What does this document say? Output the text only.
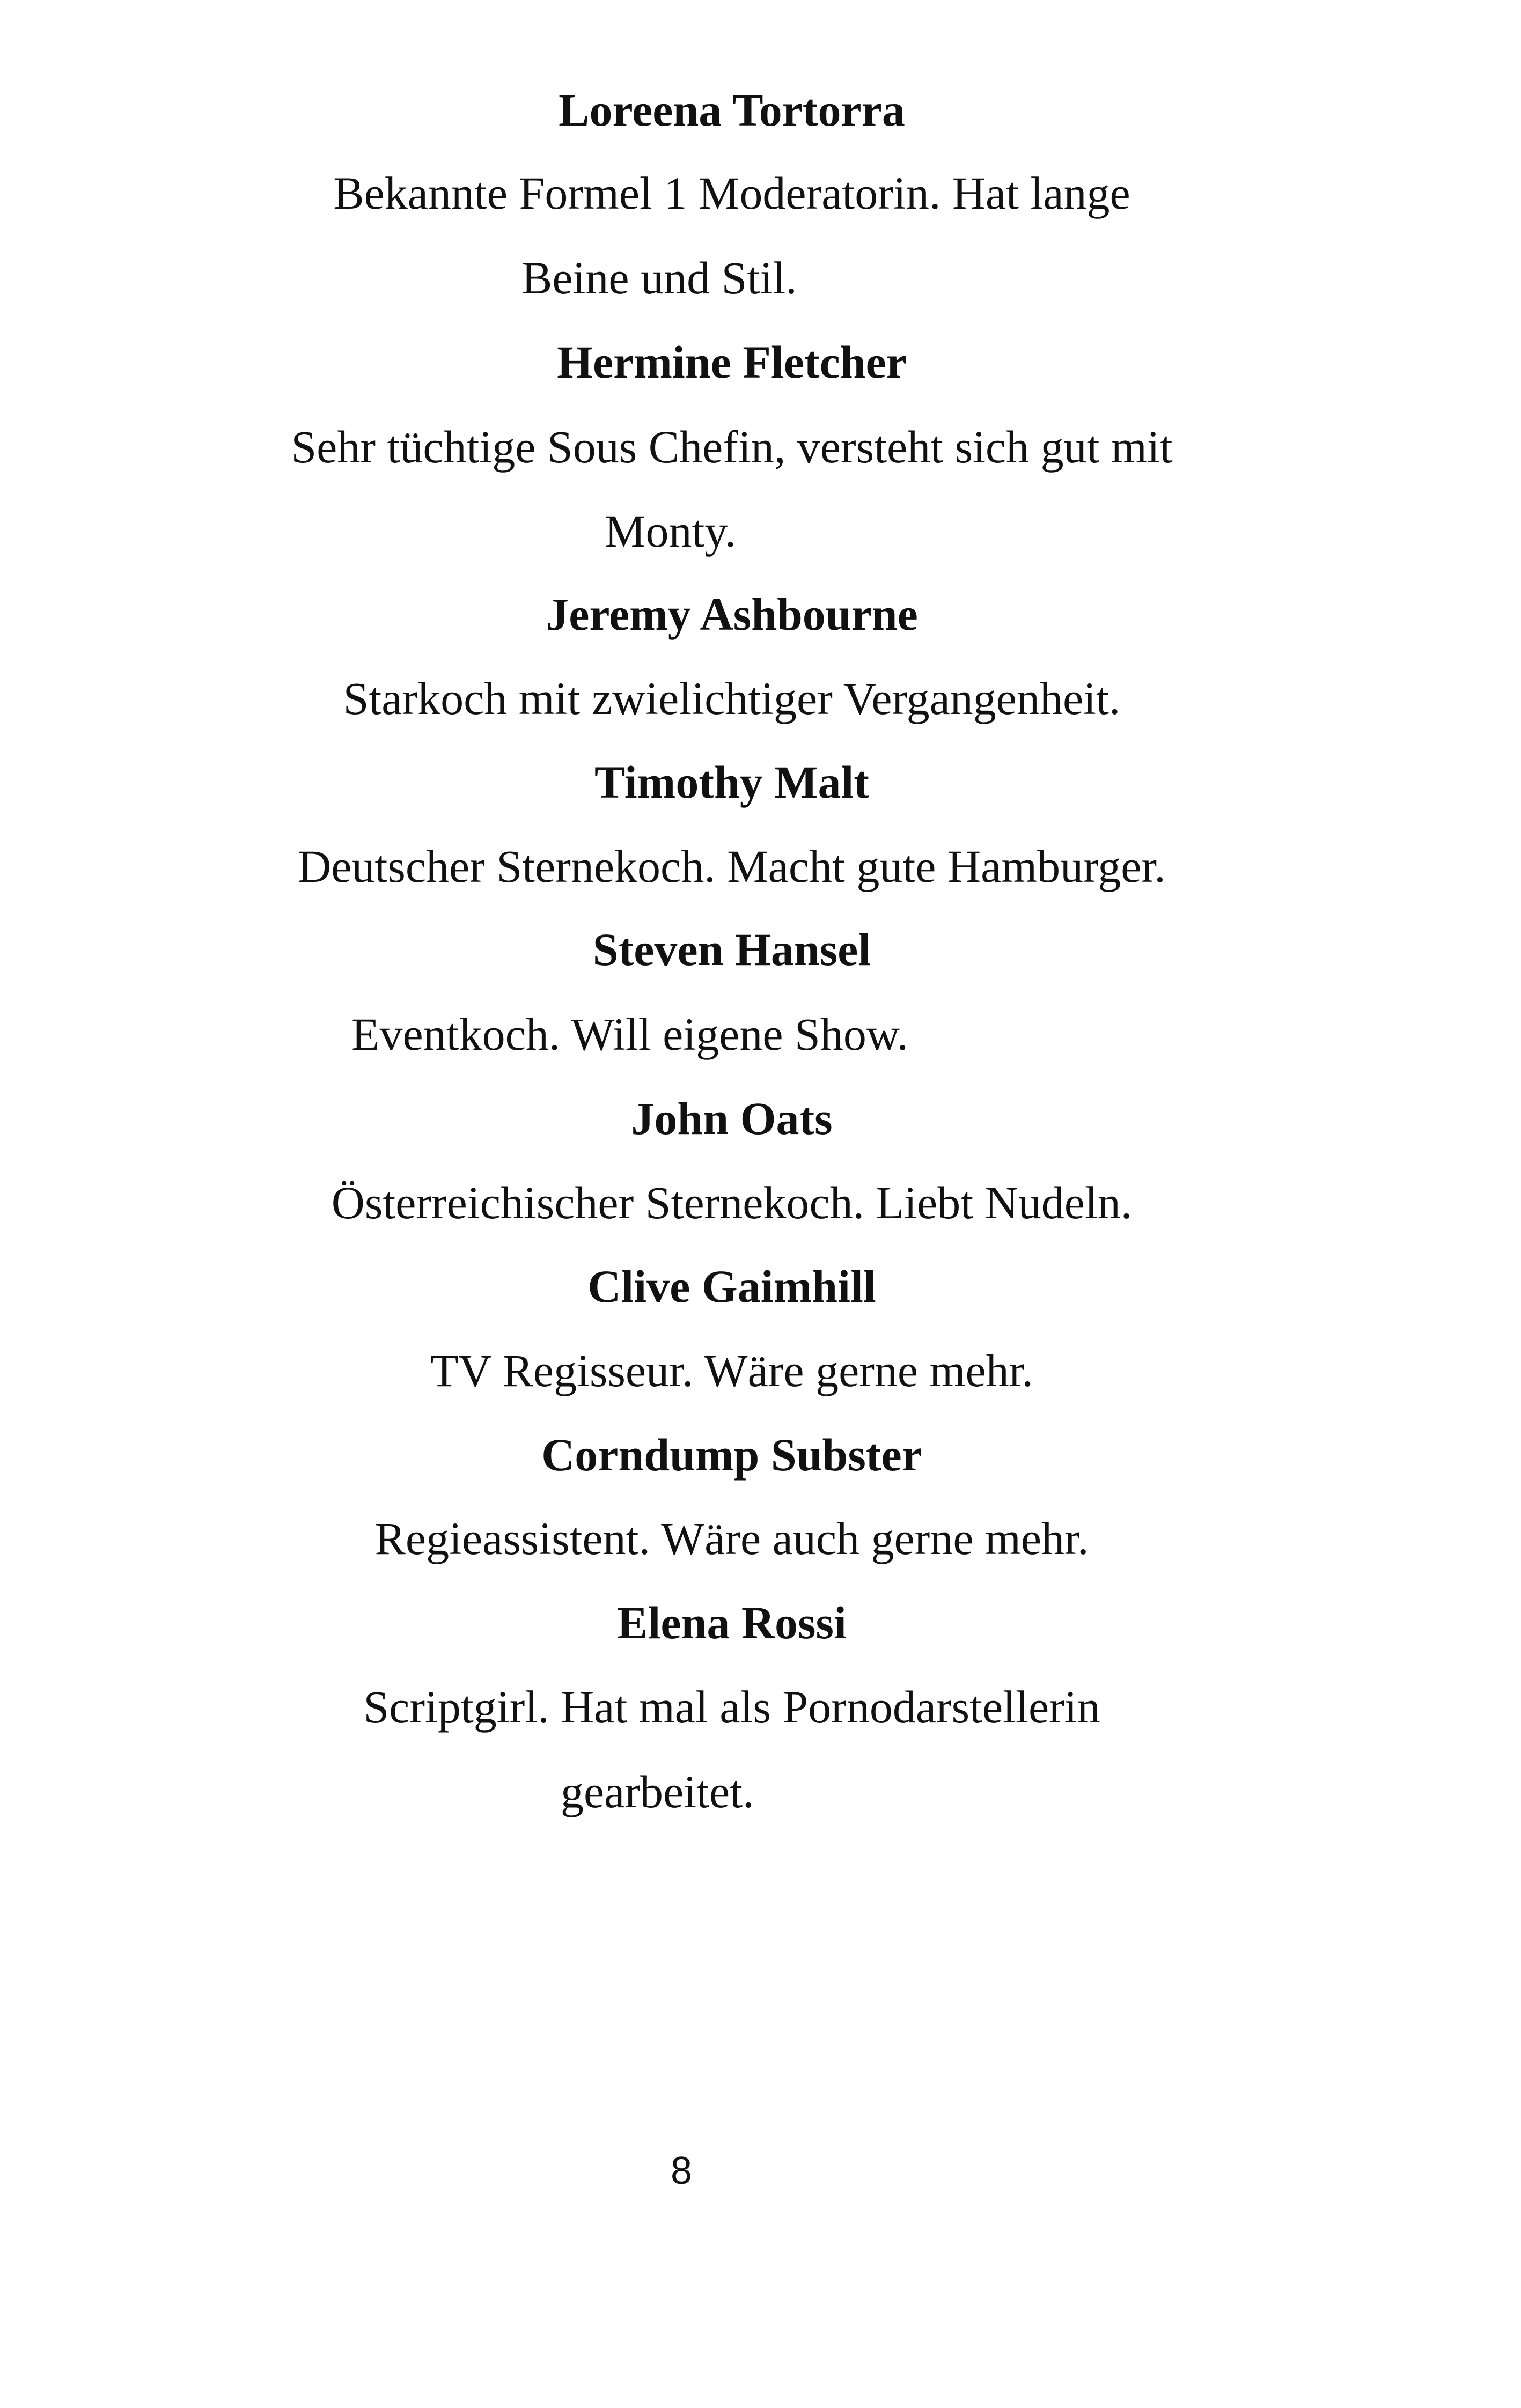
Loreena Tortorra
Bekannte Formel 1 Moderatorin. Hat lange
Beine und Stil.
Hermine Fletcher
Sehr tüchtige Sous Chefin, versteht sich gut mit
Monty.
Jeremy Ashbourne
Starkoch mit zwielichtiger Vergangenheit.
Timothy Malt
Deutscher Sternekoch. Macht gute Hamburger.
Steven Hansel
Eventkoch. Will eigene Show.
John Oats
Österreichischer Sternekoch. Liebt Nudeln.
Clive Gaimhill
TV Regisseur. Wäre gerne mehr.
Corndump Subster
Regieassistent. Wäre auch gerne mehr.
Elena Rossi
Scriptgirl. Hat mal als Pornodarstellerin
gearbeitet.
8
